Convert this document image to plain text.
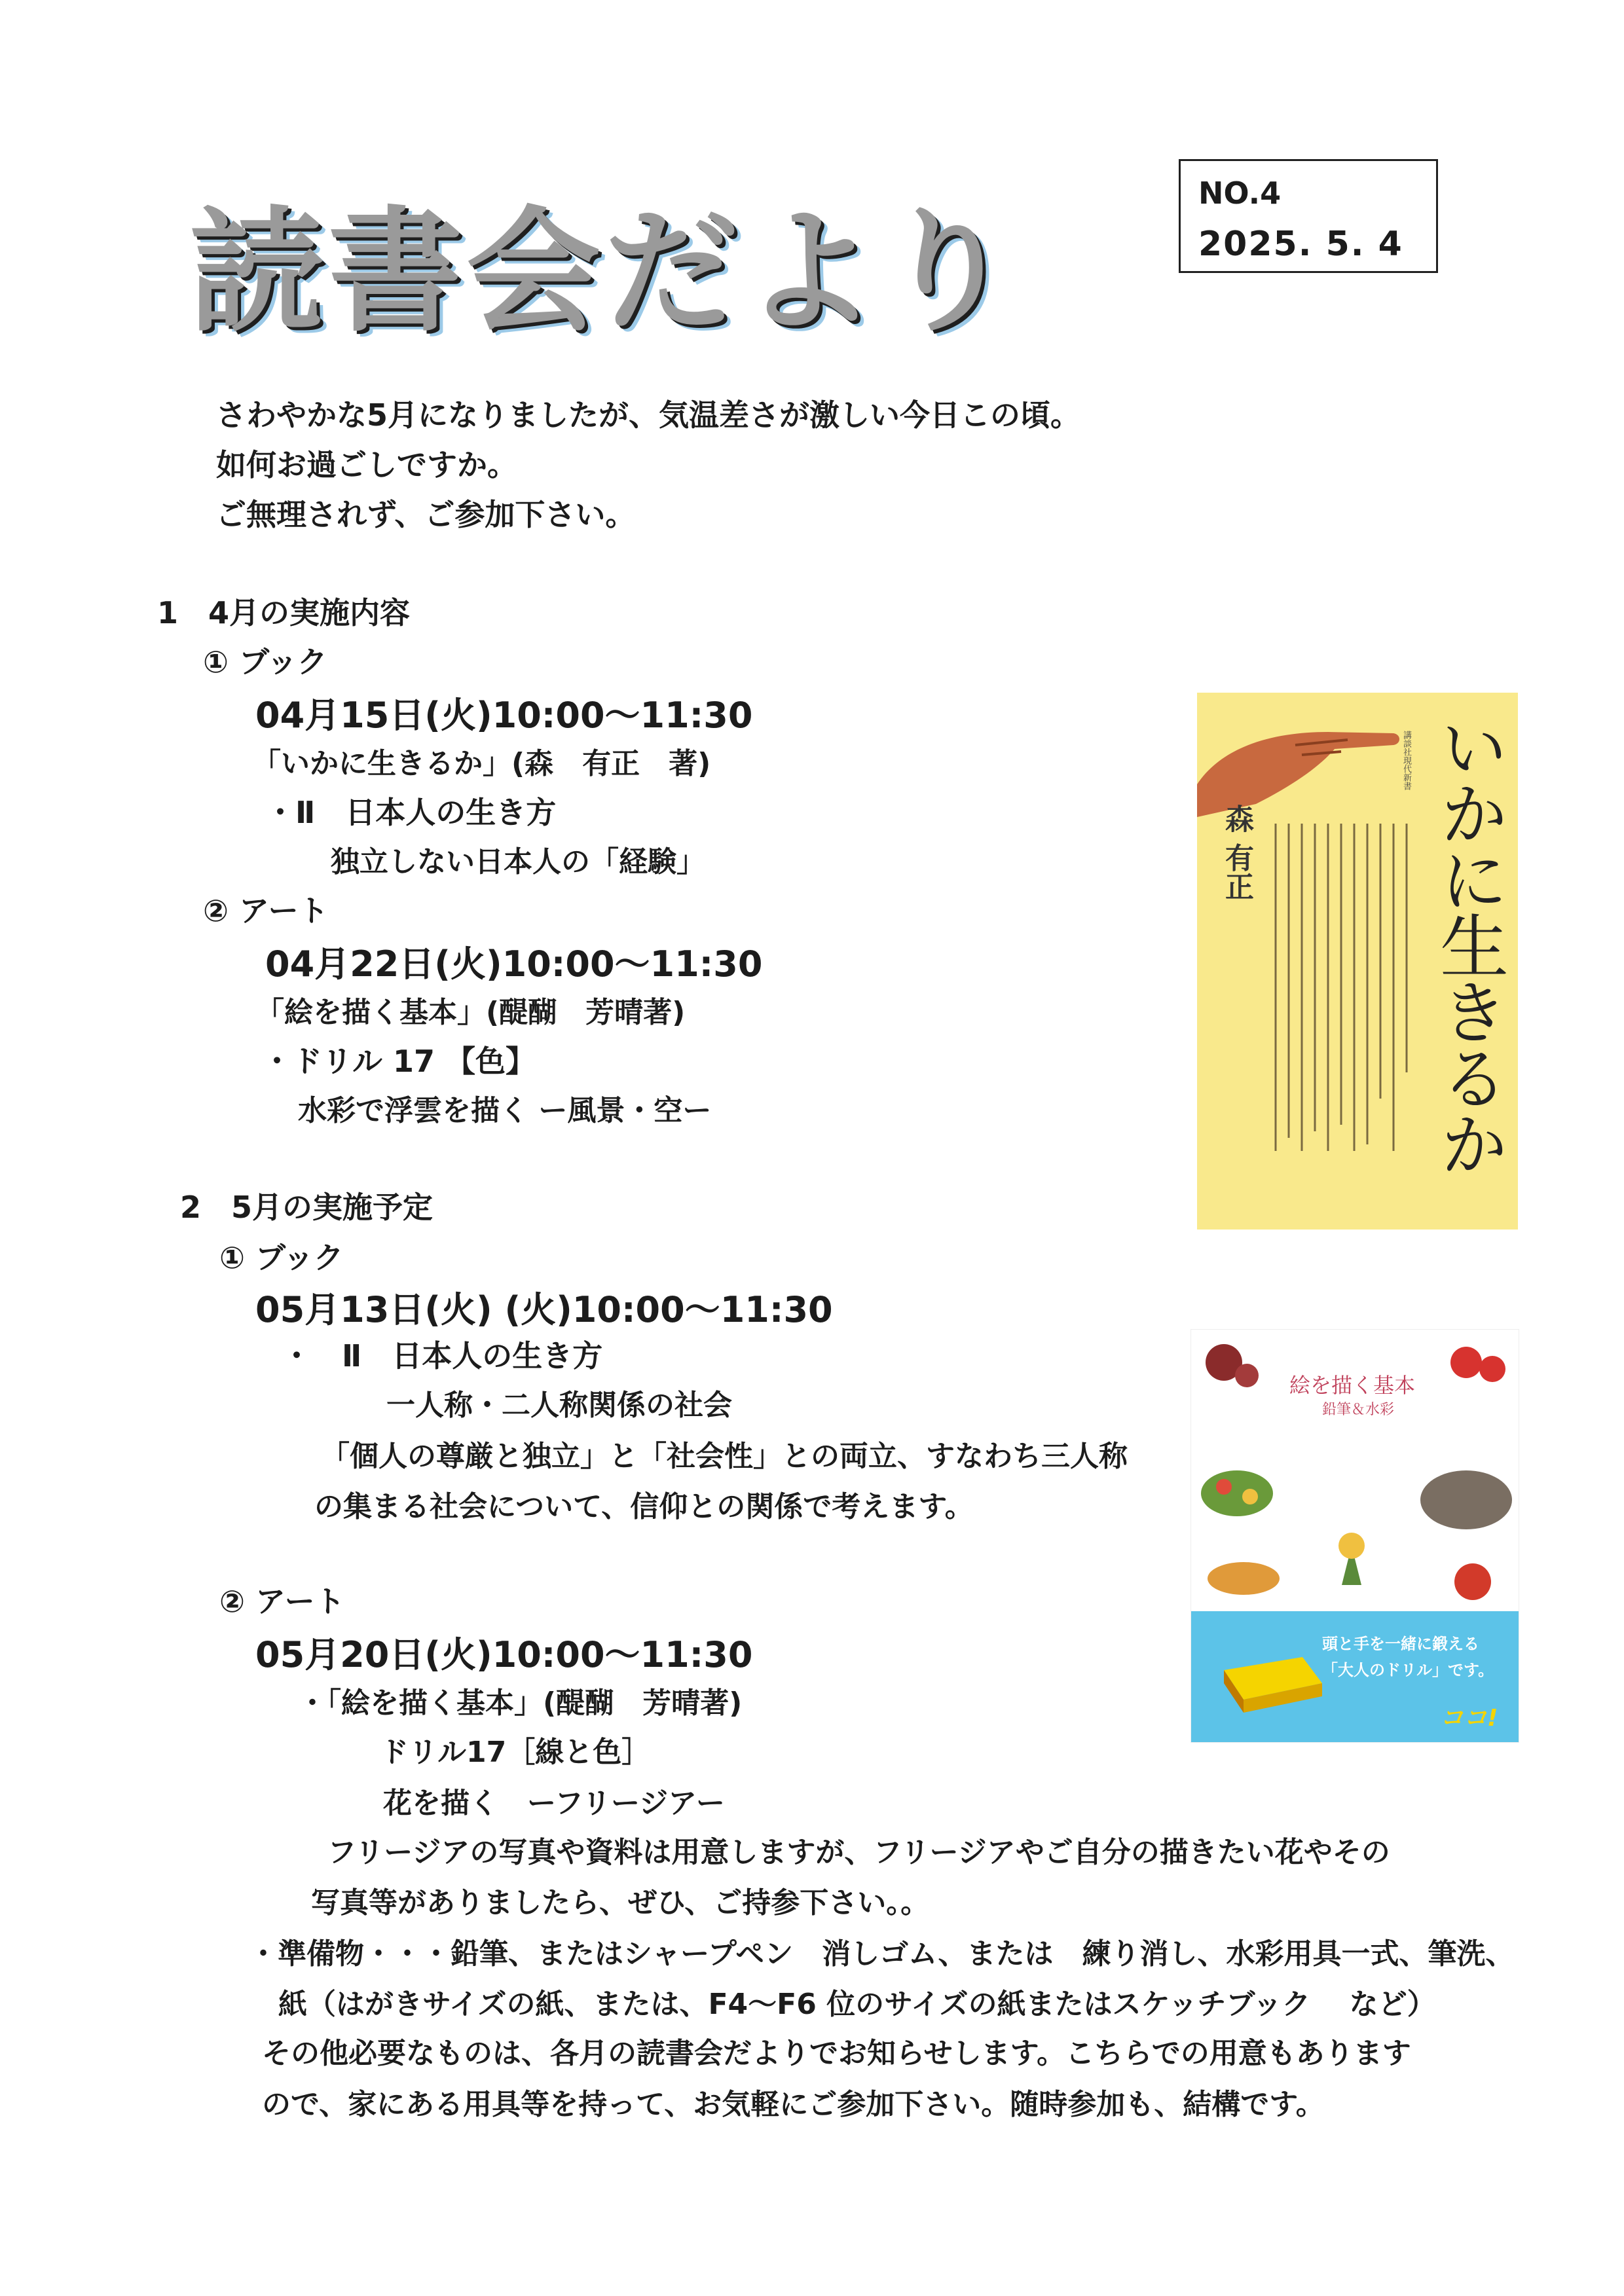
読書会だより
NO.4
2025. 5. 4
さわやかな5月になりましたが、気温差さが激しい今日この頃。
如何お過ごしですか。
ご無理されず、ご参加下さい。
1　4月の実施内容
① ブック
04月15日(火)10:00～11:30
「いかに生きるか」(森　有正　著)
・Ⅱ　日本人の生き方
独立しない日本人の「経験」
② アート
04月22日(火)10:00～11:30
「絵を描く基本」(醍醐　芳晴著)
・ドリル 17 【色】
水彩で浮雲を描く ー風景・空ー
2　5月の実施予定
① ブック
05月13日(火) (火)10:00～11:30
・　Ⅱ　日本人の生き方
一人称・二人称関係の社会
「個人の尊厳と独立」と「社会性」との両立、すなわち三人称
の集まる社会について、信仰との関係で考えます。
② アート
05月20日(火)10:00～11:30
・「絵を描く基本」(醍醐　芳晴著)
ドリル17［線と色］
花を描く　ーフリージアー
フリージアの写真や資料は用意しますが、フリージアやご自分の描きたい花やその
写真等がありましたら、ぜひ、ご持参下さい。。
・準備物・・・鉛筆、またはシャープペン　消しゴム、または　練り消し、水彩用具一式、筆洗、
紙（はがきサイズの紙、または、F4～F6 位のサイズの紙またはスケッチブック　 など）
その他必要なものは、各月の読書会だよりでお知らせします。こちらでの用意もあります
ので、家にある用具等を持って、お気軽にご参加下さい。随時参加も、結構です。
講談社現代新書 いかに生きるか
森 有正
絵を描く基本
鉛筆＆水彩
頭と手を一緒に鍛える
「大人のドリル」です。
ココ!
